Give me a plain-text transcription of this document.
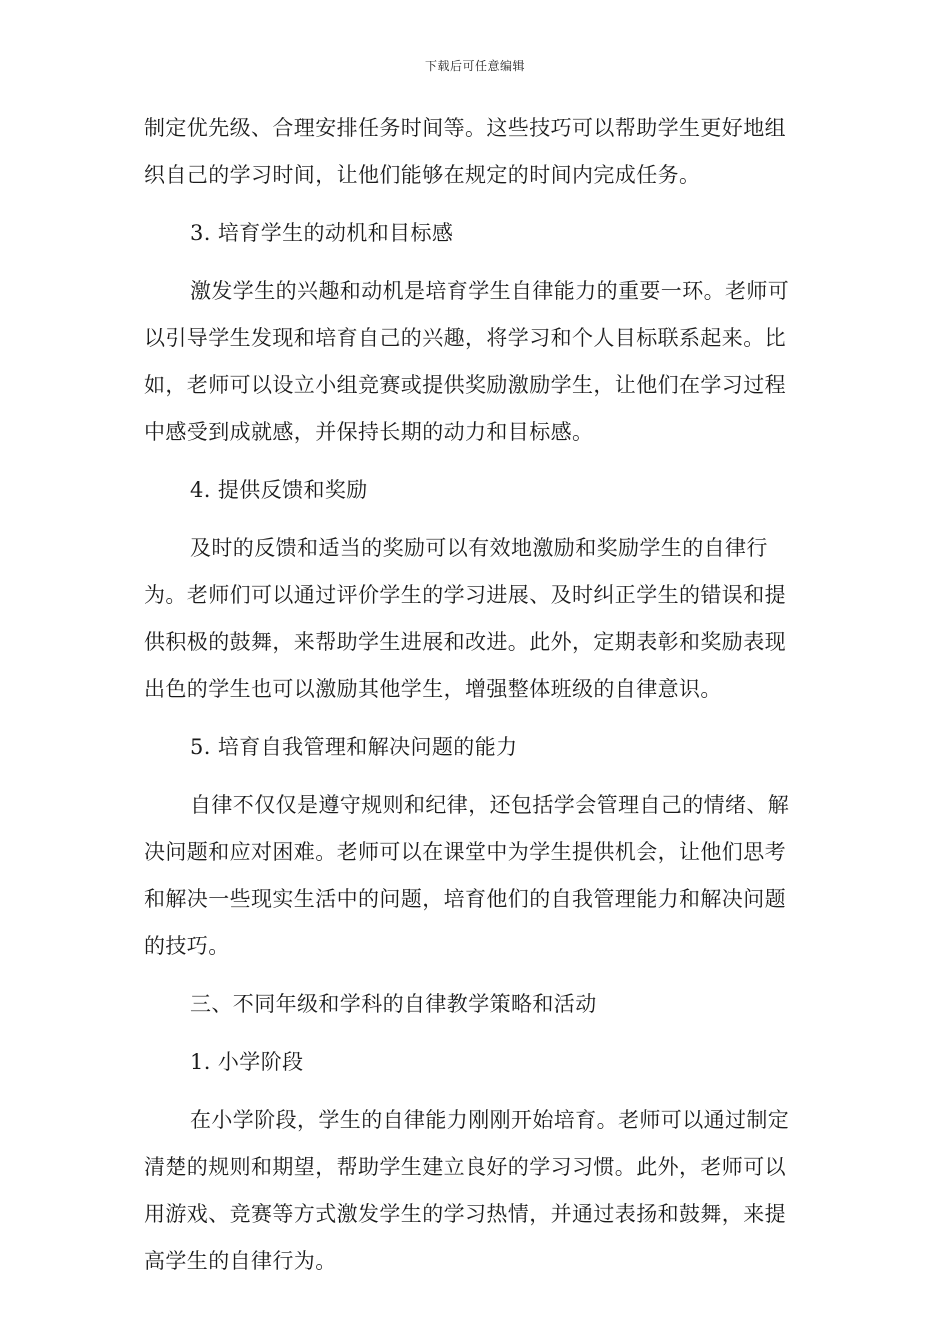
下载后可任意编辑

制定优先级、合理安排任务时间等。这些技巧可以帮助学生更好地组织自己的学习时间，让他们能够在规定的时间内完成任务。

3. 培育学生的动机和目标感

激发学生的兴趣和动机是培育学生自律能力的重要一环。老师可以引导学生发现和培育自己的兴趣，将学习和个人目标联系起来。比如，老师可以设立小组竞赛或提供奖励激励学生，让他们在学习过程中感受到成就感，并保持长期的动力和目标感。

4. 提供反馈和奖励

及时的反馈和适当的奖励可以有效地激励和奖励学生的自律行为。老师们可以通过评价学生的学习进展、及时纠正学生的错误和提供积极的鼓舞，来帮助学生进展和改进。此外，定期表彰和奖励表现出色的学生也可以激励其他学生，增强整体班级的自律意识。

5. 培育自我管理和解决问题的能力

自律不仅仅是遵守规则和纪律，还包括学会管理自己的情绪、解决问题和应对困难。老师可以在课堂中为学生提供机会，让他们思考和解决一些现实生活中的问题，培育他们的自我管理能力和解决问题的技巧。

三、不同年级和学科的自律教学策略和活动

1. 小学阶段

在小学阶段，学生的自律能力刚刚开始培育。老师可以通过制定清楚的规则和期望，帮助学生建立良好的学习习惯。此外，老师可以用游戏、竞赛等方式激发学生的学习热情，并通过表扬和鼓舞，来提高学生的自律行为。
